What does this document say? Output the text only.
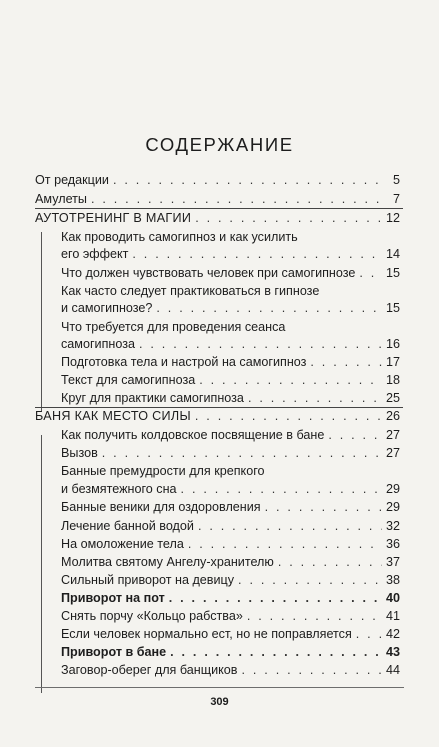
СОДЕРЖАНИЕ
От редакции . . .	5
Амулеты . . .	7
АУТОТРЕНИНГ В МАГИИ . . .	12
Как проводить самогипноз и как усилить
его эффект . . .	14
Что должен чувствовать человек при самогипнозе . . . 15
Как часто следует практиковаться в гипнозе
и самогипнозе? . . .	15
Что требуется для проведения сеанса
самогипноза . . .	16
Подготовка тела и настрой на самогипноз . . .	17
Текст для самогипноза . . .	18
Круг для практики самогипноза . . .	25
БАНЯ КАК МЕСТО СИЛЫ . . .	26
Как получить колдовское посвящение в бане . . .	27
Вызов . . .	27
Банные премудрости для крепкого
и безмятежного сна . . .	29
Банные веники для оздоровления . . .	29
Лечение банной водой . . .	32
На омоложение тела . . .	36
Молитва святому Ангелу-хранителю . . .	37
Сильный приворот на девицу . . .	38
Приворот на пот . . .	40
Снять порчу «Кольцо рабства» . . .	41
Если человек нормально ест, но не поправляется . . .	42
Приворот в бане . . .	43
Заговор-оберег для банщиков . . .	44
309
